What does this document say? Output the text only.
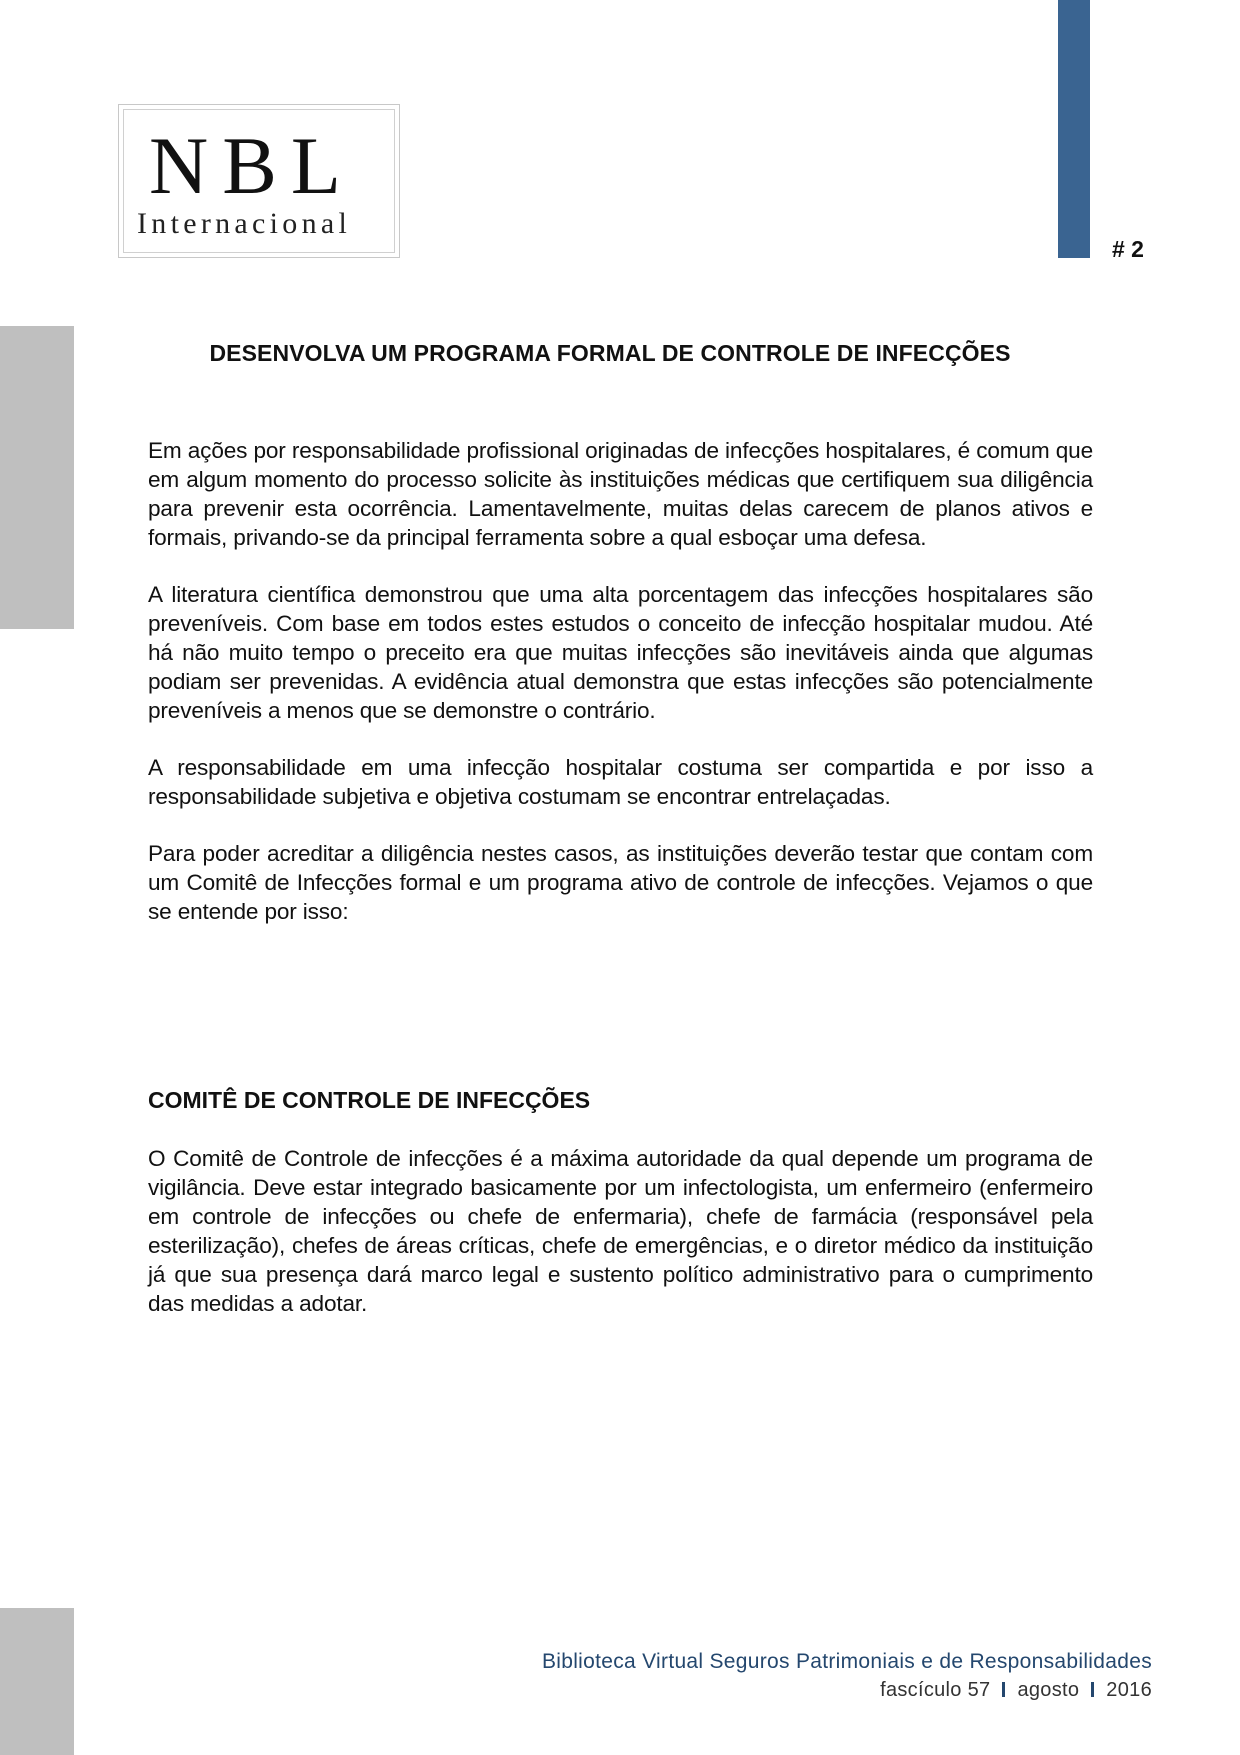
NBL
Internacional
# 2
DESENVOLVA UM PROGRAMA FORMAL DE CONTROLE DE INFECÇÕES

Em ações por responsabilidade profissional originadas de infecções hospitalares, é comum que em algum momento do processo solicite às instituições médicas que certifiquem sua diligência para prevenir esta ocorrência. Lamentavelmente, muitas delas carecem de planos ativos e formais, privando-se da principal ferramenta sobre a qual esboçar uma defesa.

A literatura científica demonstrou que uma alta porcentagem das infecções hospitalares são preveníveis. Com base em todos estes estudos o conceito de infecção hospitalar mudou. Até há não muito tempo o preceito era que muitas infecções são inevitáveis ainda que algumas podiam ser prevenidas. A evidência atual demonstra que estas infecções são potencialmente preveníveis a menos que se demonstre o contrário.

A responsabilidade em uma infecção hospitalar costuma ser compartida e por isso a responsabilidade subjetiva e objetiva costumam se encontrar entrelaçadas.

Para poder acreditar a diligência nestes casos, as instituições deverão testar que contam com um Comitê de Infecções formal e um programa ativo de controle de infecções. Vejamos o que se entende por isso:

COMITÊ DE CONTROLE DE INFECÇÕES

O Comitê de Controle de infecções é a máxima autoridade da qual depende um programa de vigilância. Deve estar integrado basicamente por um infectologista, um enfermeiro (enfermeiro em controle de infecções ou chefe de enfermaria), chefe de farmácia (responsável pela esterilização), chefes de áreas críticas, chefe de emergências, e o diretor médico da instituição já que sua presença dará marco legal e sustento político administrativo para o cumprimento das medidas a adotar.

Biblioteca Virtual Seguros Patrimoniais e de Responsabilidades
fascículo 57 agosto 2016
